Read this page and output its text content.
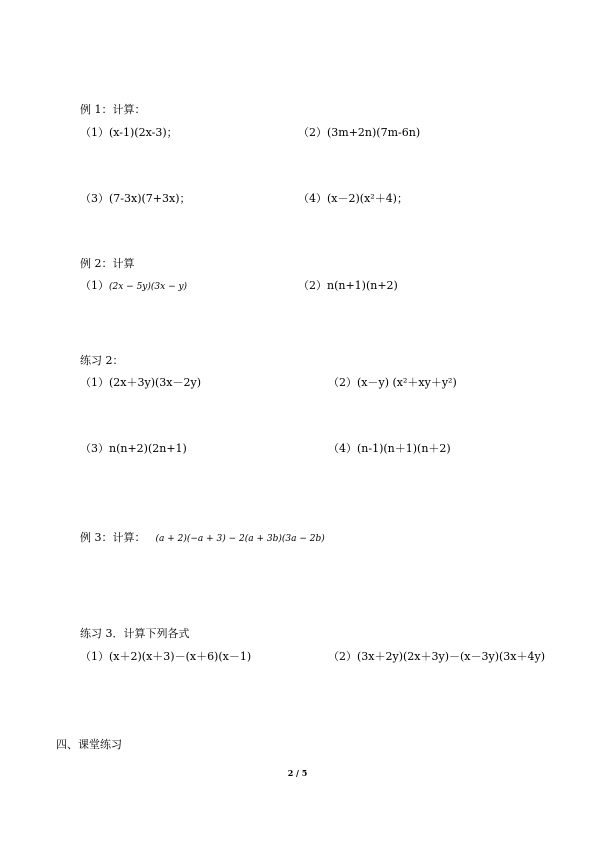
例 1：计算：
（1）(x-1)(2x-3)；	（2）(3m+2n)(7m-6n)
（3）(7-3x)(7+3x)；	（4）(x－2)(x²＋4)；
例 2：计算
（1）(2x − 5y)(3x − y)	（2）n(n+1)(n+2)
练习 2：
（1）(2x＋3y)(3x－2y)	（2）(x－y) (x²＋xy＋y²)
（3）n(n+2)(2n+1)	（4）(n-1)(n＋1)(n＋2)
例 3：计算： (a + 2)(−a + 3) − 2(a + 3b)(3a − 2b)
练习 3．计算下列各式
（1）(x＋2)(x＋3)－(x＋6)(x－1)	（2）(3x＋2y)(2x＋3y)－(x－3y)(3x＋4y)
四、课堂练习
2 / 5
